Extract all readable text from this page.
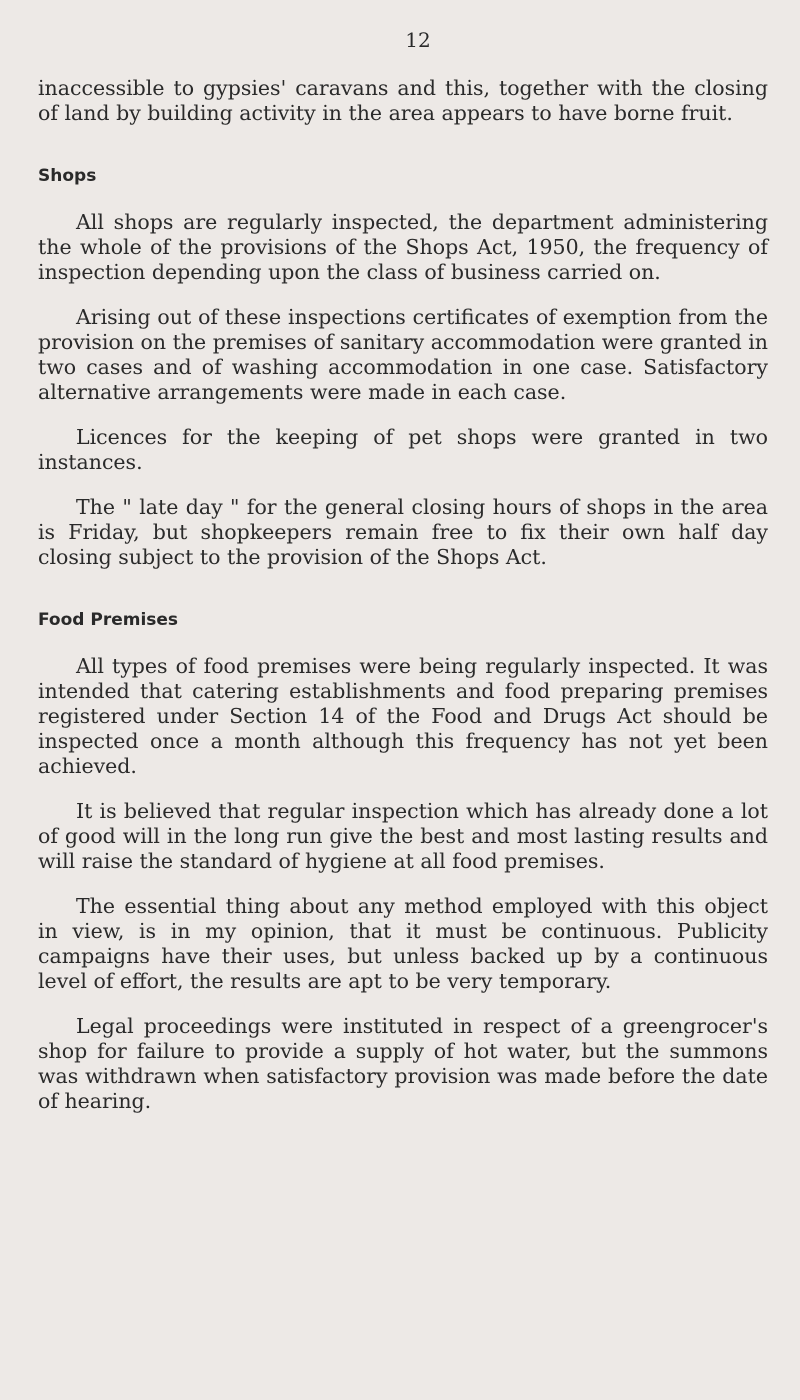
12

inaccessible to gypsies' caravans and this, together with the closing of land by building activity in the area appears to have borne fruit.

Shops

All shops are regularly inspected, the department administering the whole of the provisions of the Shops Act, 1950, the frequency of inspection depending upon the class of business carried on.

Arising out of these inspections certificates of exemption from the provision on the premises of sanitary accommodation were granted in two cases and of washing accommodation in one case. Satisfactory alternative arrangements were made in each case.

Licences for the keeping of pet shops were granted in two instances.

The " late day " for the general closing hours of shops in the area is Friday, but shopkeepers remain free to fix their own half day closing subject to the provision of the Shops Act.

Food Premises

All types of food premises were being regularly inspected. It was intended that catering establishments and food preparing premises registered under Section 14 of the Food and Drugs Act should be inspected once a month although this frequency has not yet been achieved.

It is believed that regular inspection which has already done a lot of good will in the long run give the best and most lasting results and will raise the standard of hygiene at all food premises.

The essential thing about any method employed with this object in view, is in my opinion, that it must be continuous. Publicity campaigns have their uses, but unless backed up by a continuous level of effort, the results are apt to be very temporary.

Legal proceedings were instituted in respect of a greengrocer's shop for failure to provide a supply of hot water, but the summons was withdrawn when satisfactory provision was made before the date of hearing.
